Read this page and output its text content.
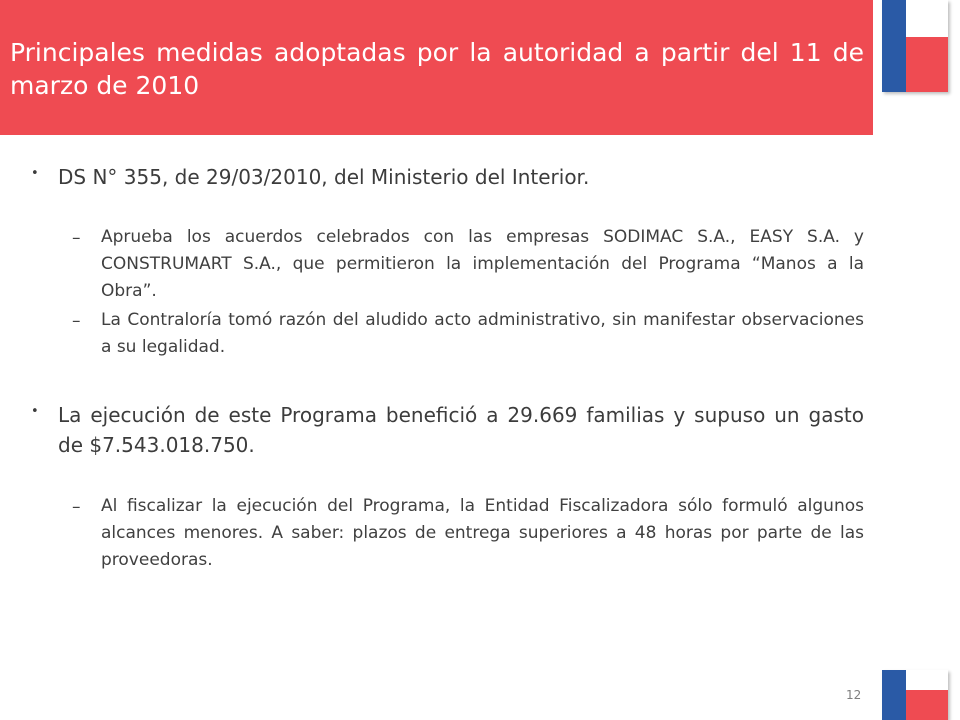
Principales medidas adoptadas por la autoridad a partir del 11 de marzo de 2010
• DS N° 355, de 29/03/2010, del Ministerio del Interior.
– Aprueba los acuerdos celebrados con las empresas SODIMAC S.A., EASY S.A. y CONSTRUMART S.A., que permitieron la implementación del Programa “Manos a la Obra”.
– La Contraloría tomó razón del aludido acto administrativo, sin manifestar observaciones a su legalidad.
• La ejecución de este Programa benefició a 29.669 familias y supuso un gasto de $7.543.018.750.
– Al fiscalizar la ejecución del Programa, la Entidad Fiscalizadora sólo formuló algunos alcances menores. A saber: plazos de entrega superiores a 48 horas por parte de las proveedoras.
12
